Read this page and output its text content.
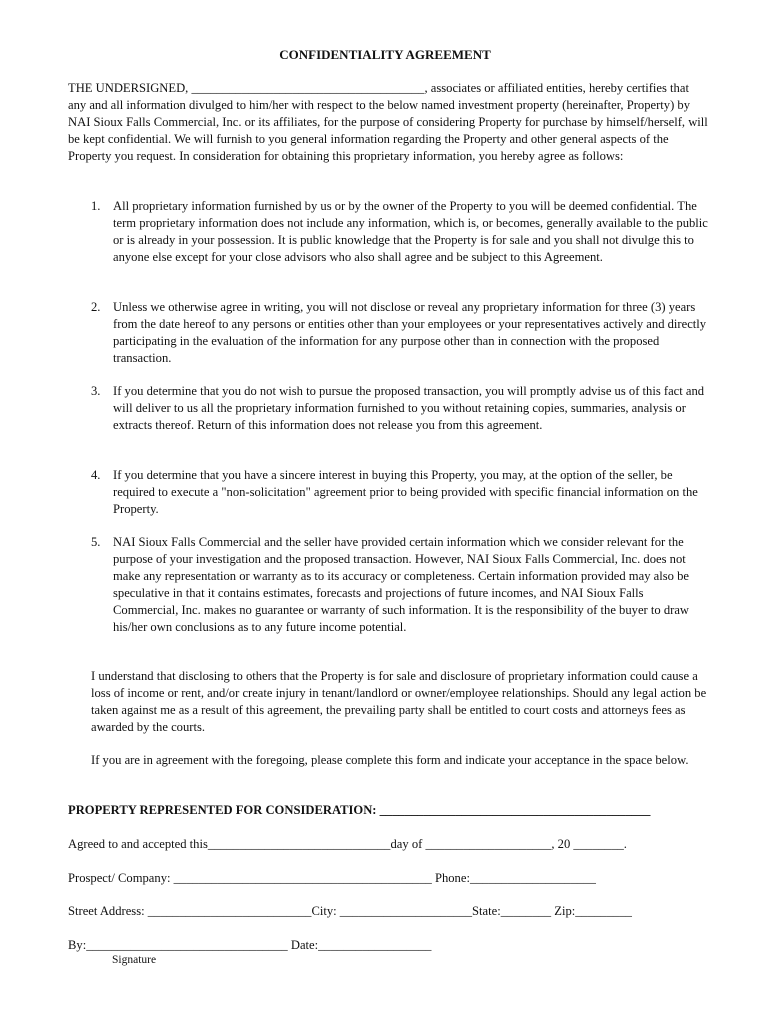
CONFIDENTIALITY AGREEMENT
THE UNDERSIGNED, _____________________________________, associates or affiliated entities, hereby certifies that any and all information divulged to him/her with respect to the below named investment property (hereinafter, Property) by NAI Sioux Falls Commercial, Inc. or its affiliates, for the purpose of considering Property for purchase by himself/herself, will be kept confidential. We will furnish to you general information regarding the Property and other general aspects of the Property you request. In consideration for obtaining this proprietary information, you hereby agree as follows:
1. All proprietary information furnished by us or by the owner of the Property to you will be deemed confidential. The term proprietary information does not include any information, which is, or becomes, generally available to the public or is already in your possession. It is public knowledge that the Property is for sale and you shall not divulge this to anyone else except for your close advisors who also shall agree and be subject to this Agreement.
2. Unless we otherwise agree in writing, you will not disclose or reveal any proprietary information for three (3) years from the date hereof to any persons or entities other than your employees or your representatives actively and directly participating in the evaluation of the information for any purpose other than in connection with the proposed transaction.
3. If you determine that you do not wish to pursue the proposed transaction, you will promptly advise us of this fact and will deliver to us all the proprietary information furnished to you without retaining copies, summaries, analysis or extracts thereof. Return of this information does not release you from this agreement.
4. If you determine that you have a sincere interest in buying this Property, you may, at the option of the seller, be required to execute a "non-solicitation" agreement prior to being provided with specific financial information on the Property.
5. NAI Sioux Falls Commercial and the seller have provided certain information which we consider relevant for the purpose of your investigation and the proposed transaction. However, NAI Sioux Falls Commercial, Inc. does not make any representation or warranty as to its accuracy or completeness. Certain information provided may also be speculative in that it contains estimates, forecasts and projections of future incomes, and NAI Sioux Falls Commercial, Inc. makes no guarantee or warranty of such information. It is the responsibility of the buyer to draw his/her own conclusions as to any future income potential.
I understand that disclosing to others that the Property is for sale and disclosure of proprietary information could cause a loss of income or rent, and/or create injury in tenant/landlord or owner/employee relationships. Should any legal action be taken against me as a result of this agreement, the prevailing party shall be entitled to court costs and attorneys fees as awarded by the courts.
If you are in agreement with the foregoing, please complete this form and indicate your acceptance in the space below.
PROPERTY REPRESENTED FOR CONSIDERATION: ___________________________________________
Agreed to and accepted this_____________________________day of ____________________, 20 ________.
Prospect/ Company: _________________________________________ Phone:____________________
Street Address: __________________________City: _____________________State:________ Zip:_________
By:________________________________ Date:__________________
Signature
